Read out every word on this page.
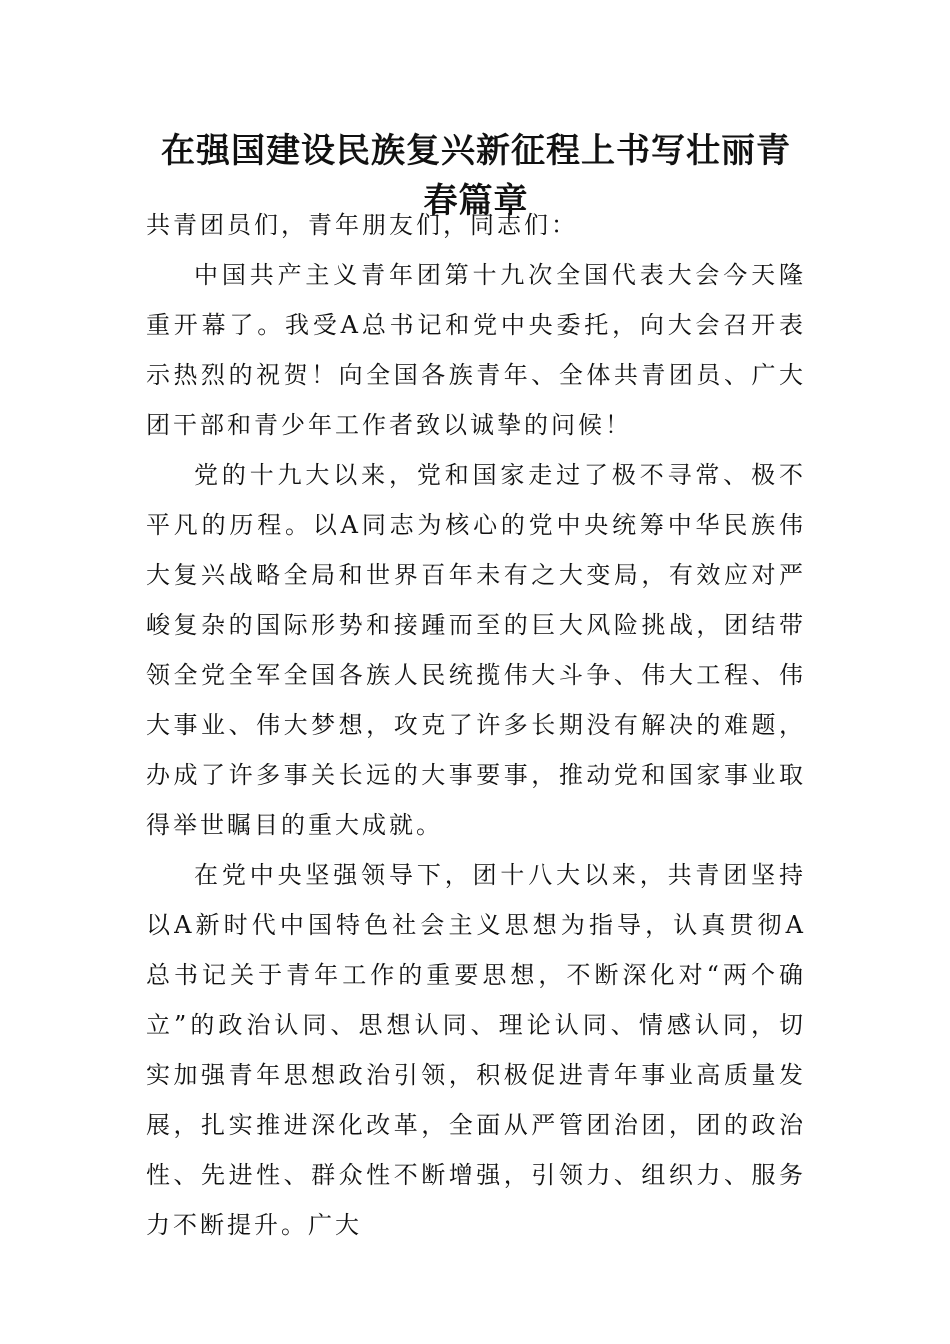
在强国建设民族复兴新征程上书写壮丽青春篇章

共青团员们，青年朋友们，同志们：

中国共产主义青年团第十九次全国代表大会今天隆重开幕了。我受A总书记和党中央委托，向大会召开表示热烈的祝贺！向全国各族青年、全体共青团员、广大团干部和青少年工作者致以诚挚的问候！

党的十九大以来，党和国家走过了极不寻常、极不平凡的历程。以A同志为核心的党中央统筹中华民族伟大复兴战略全局和世界百年未有之大变局，有效应对严峻复杂的国际形势和接踵而至的巨大风险挑战，团结带领全党全军全国各族人民统揽伟大斗争、伟大工程、伟大事业、伟大梦想，攻克了许多长期没有解决的难题，办成了许多事关长远的大事要事，推动党和国家事业取得举世瞩目的重大成就。

在党中央坚强领导下，团十八大以来，共青团坚持以A新时代中国特色社会主义思想为指导，认真贯彻A总书记关于青年工作的重要思想，不断深化对“两个确立”的政治认同、思想认同、理论认同、情感认同，切实加强青年思想政治引领，积极促进青年事业高质量发展，扎实推进深化改革，全面从严管团治团，团的政治性、先进性、群众性不断增强，引领力、组织力、服务力不断提升。广大
